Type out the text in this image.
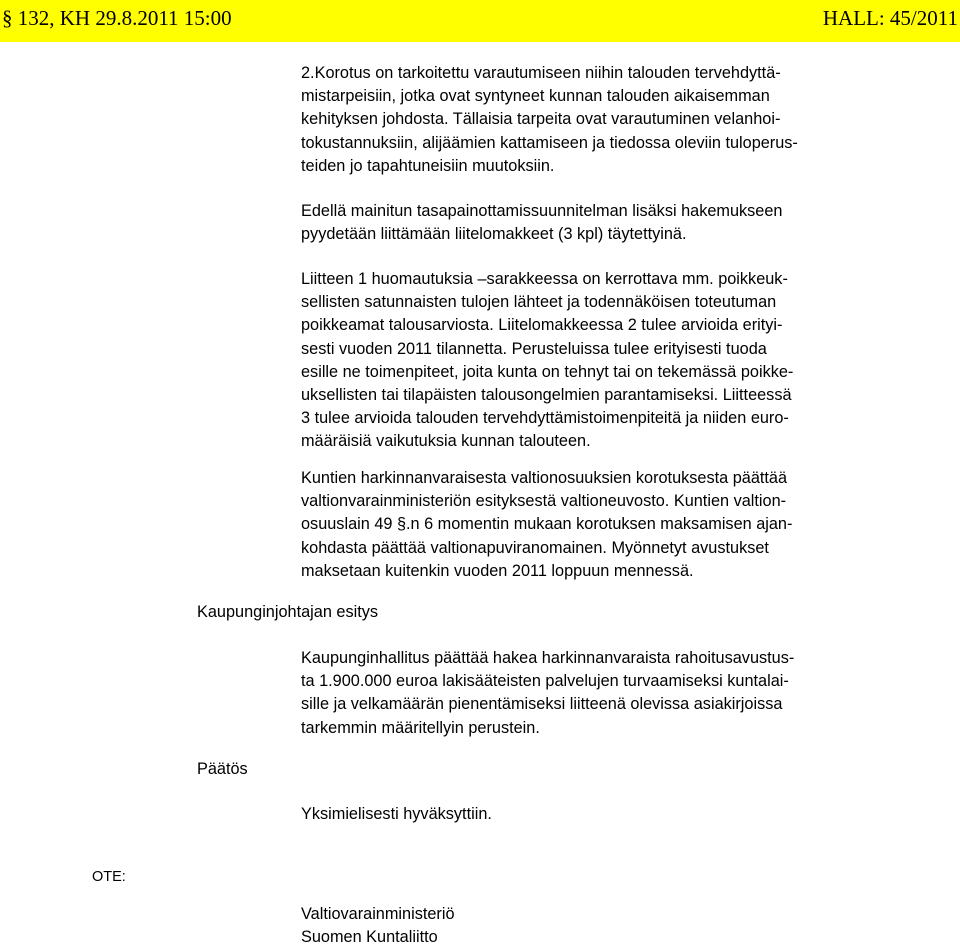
§ 132, KH 29.8.2011 15:00	HALL: 45/2011
2.Korotus on tarkoitettu varautumiseen niihin talouden tervehdyttä-
mistarpeisiin, jotka ovat syntyneet kunnan talouden aikaisemman
kehityksen johdosta. Tällaisia tarpeita ovat varautuminen velanhoi-
tokustannuksiin, alijäämien kattamiseen ja tiedossa oleviin tuloperus-
teiden jo tapahtuneisiin muutoksiin.
Edellä mainitun tasapainottamissuunnitelman lisäksi hakemukseen
pyydetään liittämään liitelomakkeet (3 kpl) täytettyinä.
Liitteen 1 huomautuksia –sarakkeessa on kerrottava mm. poikkeuk-
sellisten satunnaisten tulojen lähteet ja todennäköisen toteutuman
poikkeamat talousarviosta. Liitelomakkeessa 2 tulee arvioida erityi-
sesti vuoden 2011 tilannetta. Perusteluissa tulee erityisesti tuoda
esille ne toimenpiteet, joita kunta on tehnyt tai on tekemässä poikke-
uksellisten tai tilapäisten talousongelmien parantamiseksi. Liitteessä
3 tulee arvioida talouden tervehdyttämistoimenpiteitä ja niiden euro-
määräisiä vaikutuksia kunnan talouteen.
Kuntien harkinnanvaraisesta valtionosuuksien korotuksesta päättää
valtionvarainministeriön esityksestä valtioneuvosto. Kuntien valtion-
osuuslain 49 §.n 6 momentin mukaan korotuksen maksamisen ajan-
kohdasta päättää valtionapuviranomainen. Myönnetyt avustukset
maksetaan kuitenkin vuoden 2011 loppuun mennessä.
Kaupunginjohtajan esitys
Kaupunginhallitus päättää hakea harkinnanvaraista rahoitusavustus-
ta 1.900.000 euroa lakisääteisten palvelujen turvaamiseksi kuntalai-
sille ja velkamäärän pienentämiseksi liitteenä olevissa asiakirjoissa
tarkemmin määritellyin perustein.
Päätös
Yksimielisesti hyväksyttiin.
OTE:
Valtiovarainministeriö
Suomen Kuntaliitto
